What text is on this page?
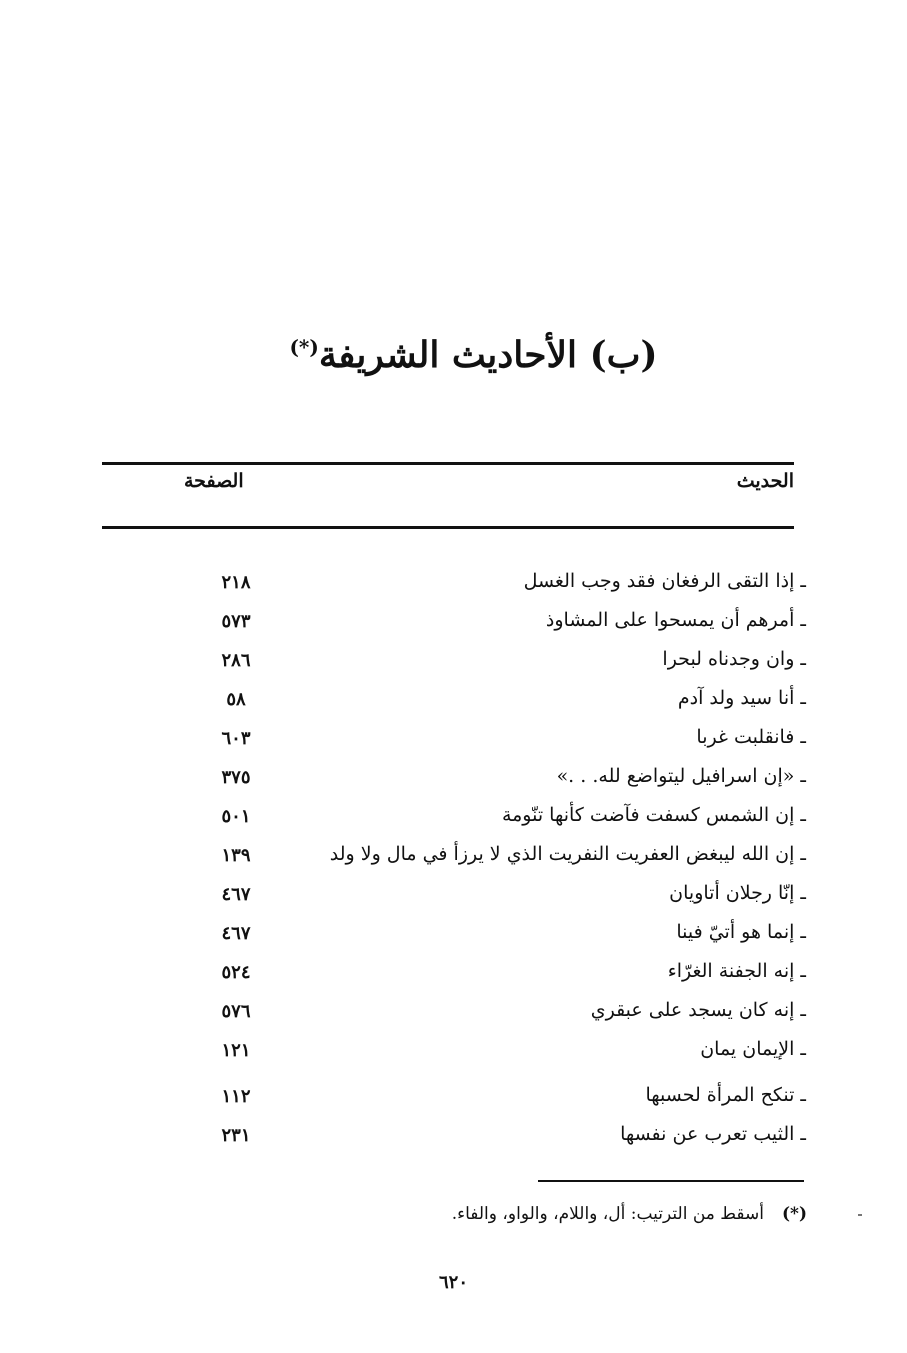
(ب) الأحاديث الشريفة(*)
الحديث
الصفحة
ـ إذا التقى الرفغان فقد وجب الغسل
٢١٨
ـ أمرهم أن يمسحوا على المشاوذ
٥٧٣
ـ وان وجدناه لبحرا
٢٨٦
ـ أنا سيد ولد آدم
٥٨
ـ فانقلبت غربا
٦٠٣
ـ «إن اسرافيل ليتواضع لله. . .»
٣٧٥
ـ إن الشمس كسفت فآضت كأنها تنّومة
٥٠١
ـ إن الله ليبغض العفريت النفريت الذي لا يرزأ في مال ولا ولد
١٣٩
ـ إنّا رجلان أتاويان
٤٦٧
ـ إنما هو أتيّ فينا
٤٦٧
ـ إنه الجفنة الغرّاء
٥٢٤
ـ إنه كان يسجد على عبقري
٥٧٦
ـ الإيمان يمان
١٢١
ـ تنكح المرأة لحسبها
١١٢
ـ الثيب تعرب عن نفسها
٢٣١
(*)أسقط من الترتيب: أل، واللام، والواو، والفاء.
٦٢٠
